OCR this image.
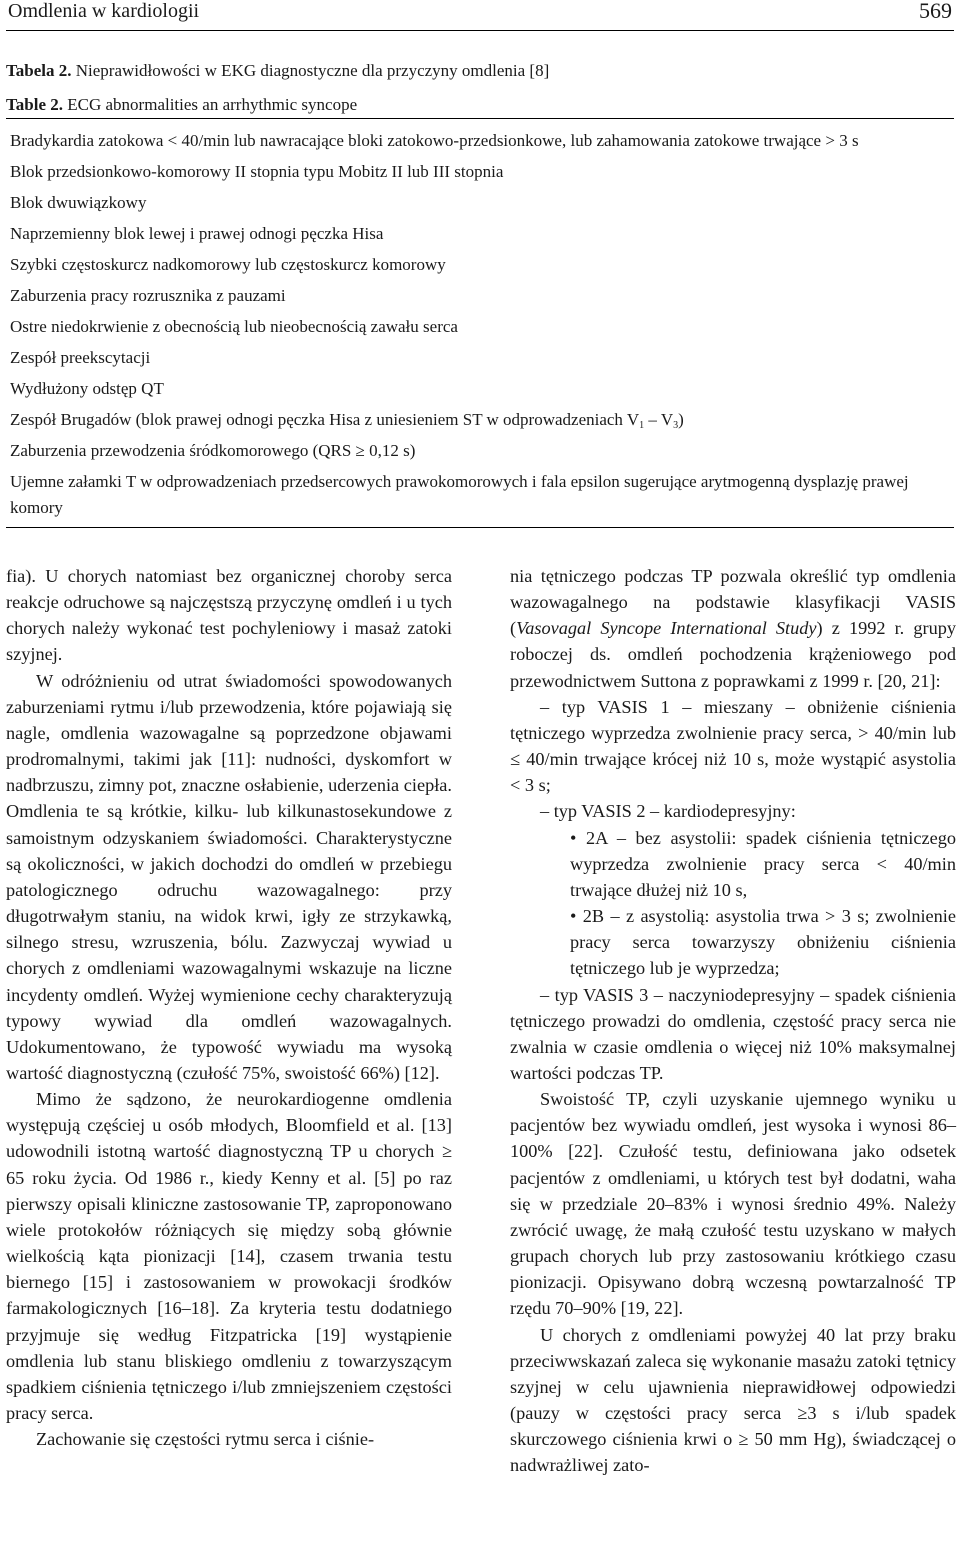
Omdlenia w kardiologii	569
Tabela 2. Nieprawidłowości w EKG diagnostyczne dla przyczyny omdlenia [8]
Table 2. ECG abnormalities an arrhythmic syncope
Bradykardia zatokowa < 40/min lub nawracające bloki zatokowo-przedsionkowe, lub zahamowania zatokowe trwające > 3 s
Blok przedsionkowo-komorowy II stopnia typu Mobitz II lub III stopnia
Blok dwuwiązkowy
Naprzemienny blok lewej i prawej odnogi pęczka Hisa
Szybki częstoskurcz nadkomorowy lub częstoskurcz komorowy
Zaburzenia pracy rozrusznika z pauzami
Ostre niedokrwienie z obecnością lub nieobecnością zawału serca
Zespół preekscytacji
Wydłużony odstęp QT
Zespół Brugadów (blok prawej odnogi pęczka Hisa z uniesieniem ST w odprowadzeniach $V_1 - V_3$)
Zaburzenia przewodzenia śródkomorowego (QRS ≥ 0,12 s)
Ujemne załamki T w odprowadzeniach przedsercowych prawokomorowych i fala epsilon sugerujące arytmogenną dysplazję prawej komory

fia). U chorych natomiast bez organicznej choroby serca reakcje odruchowe są najczęstszą przyczynę omdleń i u tych chorych należy wykonać test pochyleniowy i masaż zatoki szyjnej.

W odróżnieniu od utrat świadomości spowodowanych zaburzeniami rytmu i/lub przewodzenia, które pojawiają się nagle, omdlenia wazowagalne są poprzedzone objawami prodromalnymi, takimi jak [11]: nudności, dyskomfort w nadbrzuszu, zimny pot, znaczne osłabienie, uderzenia ciepła. Omdlenia te są krótkie, kilku- lub kilkunastosekundowe z samoistnym odzyskaniem świadomości. Charakterystyczne są okoliczności, w jakich dochodzi do omdleń w przebiegu patologicznego odruchu wazowagalnego: przy długotrwałym staniu, na widok krwi, igły ze strzykawką, silnego stresu, wzruszenia, bólu. Zazwyczaj wywiad u chorych z omdleniami wazowagalnymi wskazuje na liczne incydenty omdleń. Wyżej wymienione cechy charakteryzują typowy wywiad dla omdleń wazowagalnych. Udokumentowano, że typowość wywiadu ma wysoką wartość diagnostyczną (czułość 75%, swoistość 66%) [12].

Mimo że sądzono, że neurokardiogenne omdlenia występują częściej u osób młodych, Bloomfield et al. [13] udowodnili istotną wartość diagnostyczną TP u chorych ≥ 65 roku życia. Od 1986 r., kiedy Kenny et al. [5] po raz pierwszy opisali kliniczne zastosowanie TP, zaproponowano wiele protokołów różniących się między sobą głównie wielkością kąta pionizacji [14], czasem trwania testu biernego [15] i zastosowaniem w prowokacji środków farmakologicznych [16–18]. Za kryteria testu dodatniego przyjmuje się według Fitzpatricka [19] wystąpienie omdlenia lub stanu bliskiego omdleniu z towarzyszącym spadkiem ciśnienia tętniczego i/lub zmniejszeniem częstości pracy serca.

Zachowanie się częstości rytmu serca i ciśnie-

nia tętniczego podczas TP pozwala określić typ omdlenia wazowagalnego na podstawie klasyfikacji VASIS (Vasovagal Syncope International Study) z 1992 r. grupy roboczej ds. omdleń pochodzenia krążeniowego pod przewodnictwem Suttona z poprawkami z 1999 r. [20, 21]:

– typ VASIS 1 – mieszany – obniżenie ciśnienia tętniczego wyprzedza zwolnienie pracy serca, > 40/min lub ≤ 40/min trwające krócej niż 10 s, może wystąpić asystolia < 3 s;

– typ VASIS 2 – kardiodepresyjny:

• 2A – bez asystolii: spadek ciśnienia tętniczego wyprzedza zwolnienie pracy serca < 40/min trwające dłużej niż 10 s,

• 2B – z asystolią: asystolia trwa > 3 s; zwolnienie pracy serca towarzyszy obniżeniu ciśnienia tętniczego lub je wyprzedza;

– typ VASIS 3 – naczyniodepresyjny – spadek ciśnienia tętniczego prowadzi do omdlenia, częstość pracy serca nie zwalnia w czasie omdlenia o więcej niż 10% maksymalnej wartości podczas TP.

Swoistość TP, czyli uzyskanie ujemnego wyniku u pacjentów bez wywiadu omdleń, jest wysoka i wynosi 86–100% [22]. Czułość testu, definiowana jako odsetek pacjentów z omdleniami, u których test był dodatni, waha się w przedziale 20–83% i wynosi średnio 49%. Należy zwrócić uwagę, że małą czułość testu uzyskano w małych grupach chorych lub przy zastosowaniu krótkiego czasu pionizacji. Opisywano dobrą wczesną powtarzalność TP rzędu 70–90% [19, 22].

U chorych z omdleniami powyżej 40 lat przy braku przeciwwskazań zaleca się wykonanie masażu zatoki tętnicy szyjnej w celu ujawnienia nieprawidłowej odpowiedzi (pauzy w częstości pracy serca ≥3 s i/lub spadek skurczowego ciśnienia krwi o ≥ 50 mm Hg), świadczącej o nadwrażliwej zato-
